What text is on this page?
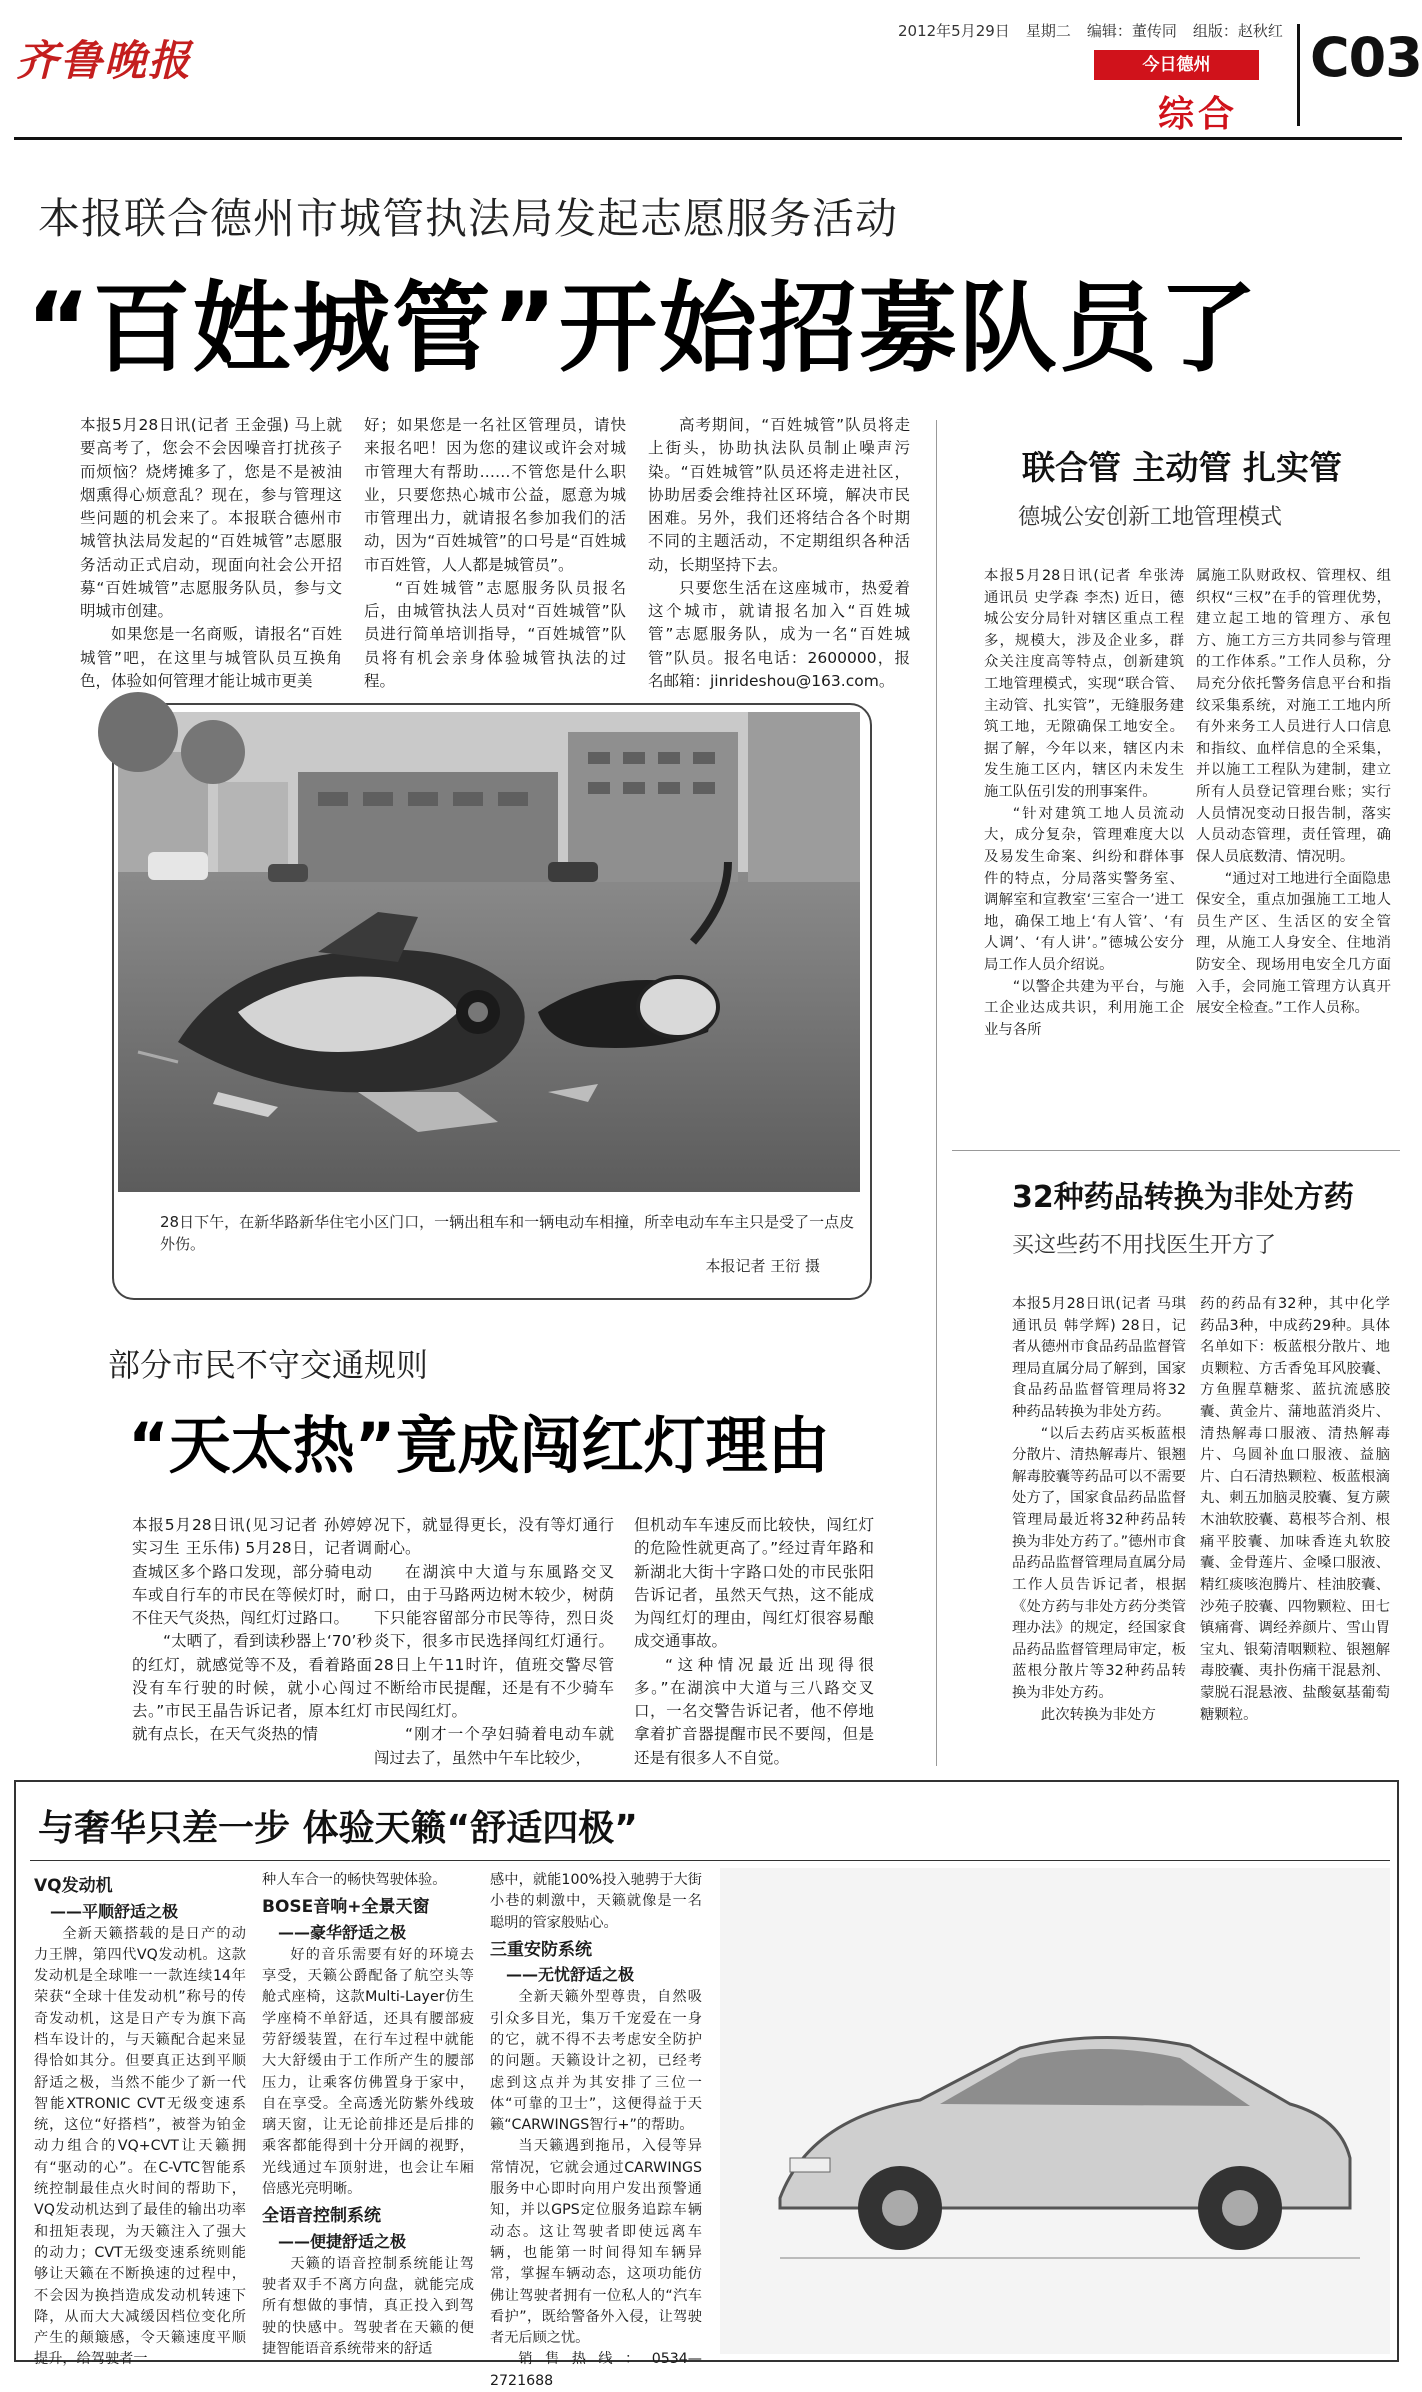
齐鲁晚报
2012年5月29日 星期二 编辑：董传同 组版：赵秋红
今日德州
综合
C03
本报联合德州市城管执法局发起志愿服务活动
“百姓城管”开始招募队员了

本报5月28日讯(记者 王金强) 马上就要高考了，您会不会因噪音打扰孩子而烦恼？烧烤摊多了，您是不是被油烟熏得心烦意乱？现在，参与管理这些问题的机会来了。本报联合德州市城管执法局发起的“百姓城管”志愿服务活动正式启动，现面向社会公开招募“百姓城管”志愿服务队员，参与文明城市创建。

如果您是一名商贩，请报名“百姓城管”吧，在这里与城管队员互换角色，体验如何管理才能让城市更美

好；如果您是一名社区管理员，请快来报名吧！因为您的建议或许会对城市管理大有帮助……不管您是什么职业，只要您热心城市公益，愿意为城市管理出力，就请报名参加我们的活动，因为“百姓城管”的口号是“百姓城市百姓管，人人都是城管员”。

“百姓城管”志愿服务队员报名后，由城管执法人员对“百姓城管”队员进行简单培训指导，“百姓城管”队员将有机会亲身体验城管执法的过程。

高考期间，“百姓城管”队员将走上街头，协助执法队员制止噪声污染。“百姓城管”队员还将走进社区，协助居委会维持社区环境，解决市民困难。另外，我们还将结合各个时期不同的主题活动，不定期组织各种活动，长期坚持下去。

只要您生活在这座城市，热爱着这个城市，就请报名加入“百姓城管”志愿服务队，成为一名“百姓城管”队员。报名电话：2600000，报名邮箱：jinrideshou@163.com。

28日下午，在新华路新华住宅小区门口，一辆出租车和一辆电动车相撞，所幸电动车车主只是受了一点皮外伤。
本报记者 王衍 摄
部分市民不守交通规则
“天太热”竟成闯红灯理由

本报5月28日讯(见习记者 孙婷婷 实习生 王乐伟) 5月28日，记者调查城区多个路口发现，部分骑电动车或自行车的市民在等候灯时，耐不住天气炎热，闯红灯过路口。

“太晒了，看到读秒器上‘70’秒的红灯，就感觉等不及，看着路面没有车行驶的时候，就小心闯过去。”市民王晶告诉记者，原本红灯就有点长，在天气炎热的情

况下，就显得更长，没有等灯通行耐心。

在湖滨中大道与东風路交叉口，由于马路两边树木较少，树荫下只能容留部分市民等待，烈日炎炎下，很多市民选择闯红灯通行。28日上午11时许，值班交警尽管不断给市民提醒，还是有不少骑车市民闯红灯。

“刚才一个孕妇骑着电动车就闯过去了，虽然中午车比较少，

但机动车车速反而比较快，闯红灯的危险性就更高了。”经过青年路和新湖北大街十字路口处的市民张阳告诉记者，虽然天气热，这不能成为闯红灯的理由，闯红灯很容易酿成交通事故。

“这种情况最近出现得很多。”在湖滨中大道与三八路交叉口，一名交警告诉记者，他不停地拿着扩音器提醒市民不要闯，但是还是有很多人不自觉。

联合管 主动管 扎实管
德城公安创新工地管理模式

本报5月28日讯(记者 牟张涛 通讯员 史学森 李杰) 近日，德城公安分局针对辖区重点工程多，规模大，涉及企业多，群众关注度高等特点，创新建筑工地管理模式，实现“联合管、主动管、扎实管”，无缝服务建筑工地，无隙确保工地安全。据了解，今年以来，辖区内未发生施工区内，辖区内未发生施工队伍引发的刑事案件。

“针对建筑工地人员流动大，成分复杂，管理难度大以及易发生命案、纠纷和群体事件的特点，分局落实警务室、调解室和宣教室‘三室合一’进工地，确保工地上‘有人管’、‘有人调’、‘有人讲’。”德城公安分局工作人员介绍说。

“以警企共建为平台，与施工企业达成共识，利用施工企业与各所

属施工队财政权、管理权、组织权“三权”在手的管理优势，建立起工地的管理方、承包方、施工方三方共同参与管理的工作体系。”工作人员称，分局充分依托警务信息平台和指纹采集系统，对施工工地内所有外来务工人员进行人口信息和指纹、血样信息的全采集，并以施工工程队为建制，建立所有人员登记管理台账；实行人员情况变动日报告制，落实人员动态管理，责任管理，确保人员底数清、情况明。

“通过对工地进行全面隐患保安全，重点加强施工工地人员生产区、生活区的安全管理，从施工人身安全、住地消防安全、现场用电安全几方面入手，会同施工管理方认真开展安全检查。”工作人员称。

32种药品转换为非处方药
买这些药不用找医生开方了

本报5月28日讯(记者 马琪 通讯员 韩学辉) 28日，记者从德州市食品药品监督管理局直属分局了解到，国家食品药品监督管理局将32种药品转换为非处方药。

“以后去药店买板蓝根分散片、清热解毒片、银翘解毒胶囊等药品可以不需要处方了，国家食品药品监督管理局最近将32种药品转换为非处方药了。”德州市食品药品监督管理局直属分局工作人员告诉记者，根据《处方药与非处方药分类管理办法》的规定，经国家食品药品监督管理局审定，板蓝根分散片等32种药品转换为非处方药。

此次转换为非处方

药的药品有32种，其中化学药品3种，中成药29种。具体名单如下：板蓝根分散片、地贞颗粒、方舌香兔耳风胶囊、方鱼腥草糖浆、蓝抗流感胶囊、黄金片、蒲地蓝消炎片、清热解毒口服液、清热解毒片、乌圆补血口服液、益脑片、白石清热颗粒、板蓝根滴丸、刺五加脑灵胶囊、复方蕨木油软胶囊、葛根芩合剂、根痛平胶囊、加味香连丸软胶囊、金骨莲片、金嗓口服液、精红痰咳泡腾片、桂油胶囊、沙苑子胶囊、四物颗粒、田七镇痛膏、调经养颜片、雪山胃宝丸、银菊清咽颗粒、银翘解毒胶囊、夷扑伤痛干混悬剂、蒙脱石混悬液、盐酸氨基葡萄糖颗粒。

与奢华只差一步 体验天籁“舒适四极”
VQ发动机
——平顺舒适之极

全新天籁搭载的是日产的动力王牌，第四代VQ发动机。这款发动机是全球唯一一款连续14年荣获“全球十佳发动机”称号的传奇发动机，这是日产专为旗下高档车设计的，与天籁配合起来显得恰如其分。但要真正达到平顺舒适之极，当然不能少了新一代智能XTRONIC CVT无级变速系统，这位“好搭档”，被誉为铂金动力组合的VQ+CVT让天籁拥有“驱动的心”。在C-VTC智能系统控制最佳点火时间的帮助下，VQ发动机达到了最佳的输出功率和扭矩表现，为天籁注入了强大的动力；CVT无级变速系统则能够让天籁在不断换速的过程中，不会因为换挡造成发动机转速下降，从而大大减缓因档位变化所产生的颠簸感，令天籁速度平顺提升，给驾驶者一

种人车合一的畅快驾驶体验。

BOSE音响+全景天窗
——豪华舒适之极

好的音乐需要有好的环境去享受，天籁公爵配备了航空头等舱式座椅，这款Multi-Layer仿生学座椅不单舒适，还具有腰部疲劳舒缓装置，在行车过程中就能大大舒缓由于工作所产生的腰部压力，让乘客仿佛置身于家中，自在享受。全高透光防紫外线玻璃天窗，让无论前排还是后排的乘客都能得到十分开阔的视野，光线通过车顶射进，也会让车厢倍感光亮明晰。

全语音控制系统
——便捷舒适之极

天籁的语音控制系统能让驾驶者双手不离方向盘，就能完成所有想做的事情，真正投入到驾驶的快感中。驾驶者在天籁的便捷智能语音系统带来的舒适

感中，就能100%投入驰骋于大街小巷的刺激中，天籁就像是一名聪明的管家般贴心。

三重安防系统
——无忧舒适之极

全新天籁外型尊贵，自然吸引众多目光，集万千宠爱在一身的它，就不得不去考虑安全防护的问题。天籁设计之初，已经考虑到这点并为其安排了三位一体“可靠的卫士”，这便得益于天籁“CARWINGS智行+”的帮助。

当天籁遇到拖吊，入侵等异常情况，它就会通过CARWINGS服务中心即时向用户发出预警通知，并以GPS定位服务追踪车辆动态。这让驾驶者即使远离车辆，也能第一时间得知车辆异常，掌握车辆动态，这项功能仿佛让驾驶者拥有一位私人的“汽车看护”，既给警备外入侵，让驾驶者无后顾之忧。

销售热线：0534—2721688
